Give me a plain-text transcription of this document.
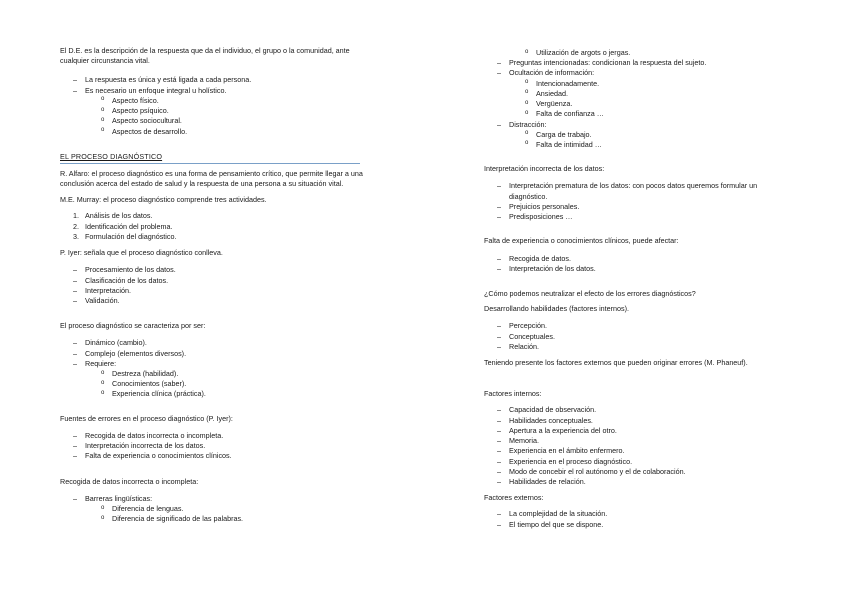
El D.E. es la descripción de la respuesta que da el individuo, el grupo o la comunidad, ante cualquier circunstancia vital.

– La respuesta es única y está ligada a cada persona.
– Es necesario un enfoque integral u holístico.
o Aspecto físico.
o Aspecto psíquico.
o Aspecto sociocultural.
o Aspectos de desarrollo.

EL PROCESO DIAGNÓSTICO

R. Alfaro: el proceso diagnóstico es una forma de pensamiento crítico, que permite llegar a una conclusión acerca del estado de salud y la respuesta de una persona a su situación vital.

M.E. Murray: el proceso diagnóstico comprende tres actividades.

1. Análisis de los datos.
2. Identificación del problema.
3. Formulación del diagnóstico.

P. Iyer: señala que el proceso diagnóstico conlleva.

– Procesamiento de los datos.
– Clasificación de los datos.
– Interpretación.
– Validación.

El proceso diagnóstico se caracteriza por ser:

– Dinámico (cambio).
– Complejo (elementos diversos).
– Requiere:
o Destreza (habilidad).
o Conocimientos (saber).
o Experiencia clínica (práctica).

Fuentes de errores en el proceso diagnóstico (P. Iyer):

– Recogida de datos incorrecta o incompleta.
– Interpretación incorrecta de los datos.
– Falta de experiencia o conocimientos clínicos.

Recogida de datos incorrecta o incompleta:

– Barreras lingüísticas:
o Diferencia de lenguas.
o Diferencia de significado de las palabras.
o Utilización de argots o jergas.
– Preguntas intencionadas: condicionan la respuesta del sujeto.
– Ocultación de información:
o Intencionadamente.
o Ansiedad.
o Vergüenza.
o Falta de confianza …
– Distracción:
o Carga de trabajo.
o Falta de intimidad …

Interpretación incorrecta de los datos:

– Interpretación prematura de los datos: con pocos datos queremos formular un diagnóstico.
– Prejuicios personales.
– Predisposiciones …

Falta de experiencia o conocimientos clínicos, puede afectar:

– Recogida de datos.
– Interpretación de los datos.

¿Cómo podemos neutralizar el efecto de los errores diagnósticos?

Desarrollando habilidades (factores internos).

– Percepción.
– Conceptuales.
– Relación.

Teniendo presente los factores externos que pueden originar errores (M. Phaneuf).

Factores internos:

– Capacidad de observación.
– Habilidades conceptuales.
– Apertura a la experiencia del otro.
– Memoria.
– Experiencia en el ámbito enfermero.
– Experiencia en el proceso diagnóstico.
– Modo de concebir el rol autónomo y el de colaboración.
– Habilidades de relación.

Factores externos:

– La complejidad de la situación.
– El tiempo del que se dispone.
